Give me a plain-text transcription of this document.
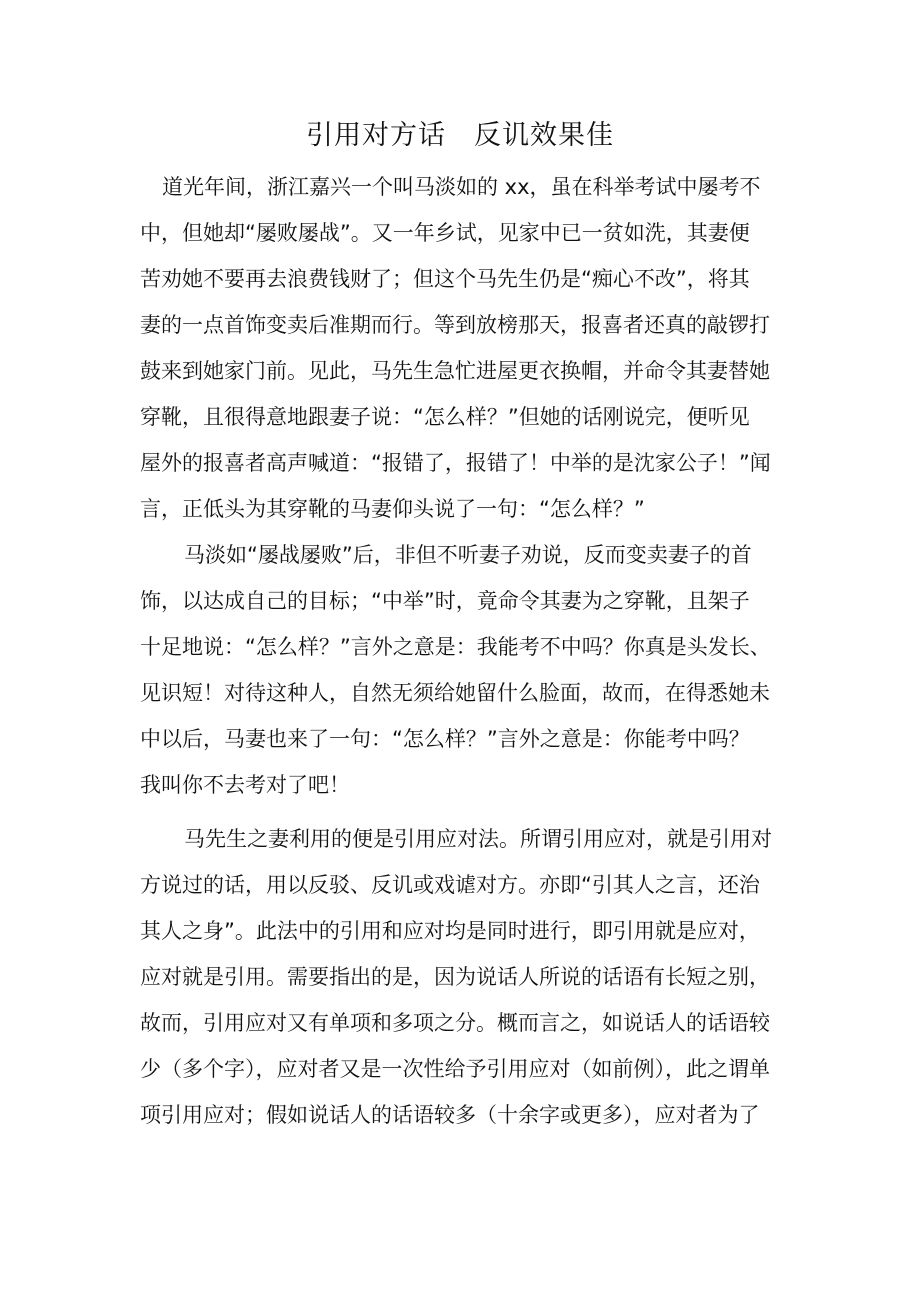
引用对方话　反讥效果佳
道光年间，浙江嘉兴一个叫马淡如的 xx，虽在科举考试中屡考不
中，但她却“屡败屡战”。又一年乡试，见家中已一贫如洗，其妻便
苦劝她不要再去浪费钱财了；但这个马先生仍是“痴心不改”，将其
妻的一点首饰变卖后准期而行。等到放榜那天，报喜者还真的敲锣打
鼓来到她家门前。见此，马先生急忙进屋更衣换帽，并命令其妻替她
穿靴，且很得意地跟妻子说：“怎么样？”但她的话刚说完，便听见
屋外的报喜者高声喊道：“报错了，报错了！中举的是沈家公子！”闻
言，正低头为其穿靴的马妻仰头说了一句：“怎么样？”
马淡如“屡战屡败”后，非但不听妻子劝说，反而变卖妻子的首
饰，以达成自己的目标；“中举”时，竟命令其妻为之穿靴，且架子
十足地说：“怎么样？”言外之意是：我能考不中吗？你真是头发长、
见识短！对待这种人，自然无须给她留什么脸面，故而，在得悉她未
中以后，马妻也来了一句：“怎么样？”言外之意是：你能考中吗？
我叫你不去考对了吧！
马先生之妻利用的便是引用应对法。所谓引用应对，就是引用对
方说过的话，用以反驳、反讥或戏谑对方。亦即“引其人之言，还治
其人之身”。此法中的引用和应对均是同时进行，即引用就是应对，
应对就是引用。需要指出的是，因为说话人所说的话语有长短之别，
故而，引用应对又有单项和多项之分。概而言之，如说话人的话语较
少（多个字），应对者又是一次性给予引用应对（如前例），此之谓单
项引用应对；假如说话人的话语较多（十余字或更多），应对者为了
